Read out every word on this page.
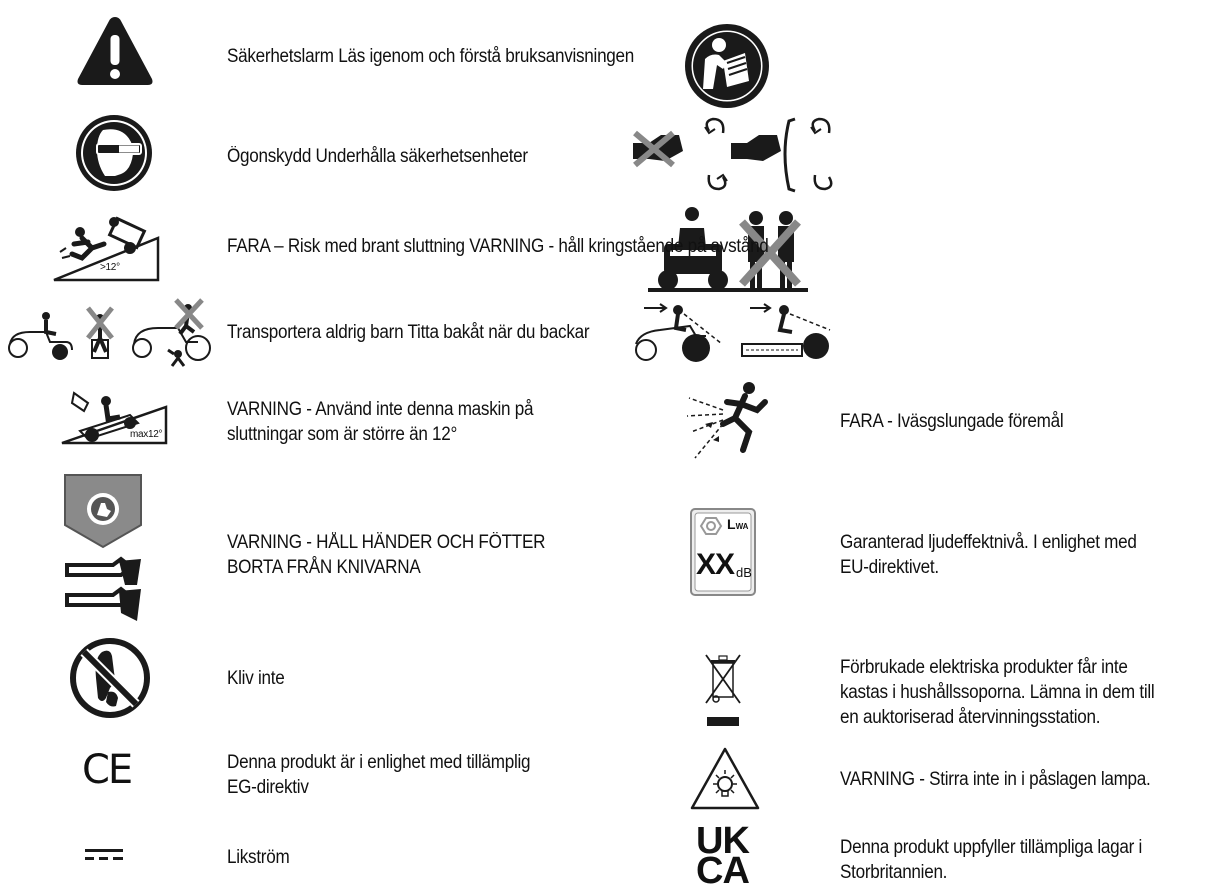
>12°
max12°
CE
LWA
XX dB
UK
CA
Säkerhetslarm Läs igenom och förstå bruksanvisningen
Ögonskydd Underhålla säkerhetsenheter
FARA – Risk med brant sluttning VARNING - håll kringstående på avstånd
Transportera aldrig barn Titta bakåt när du backar
VARNING - Använd inte denna maskin på
sluttningar som är större än 12°
VARNING - HÅLL HÄNDER OCH FÖTTER
BORTA FRÅN KNIVARNA
Kliv inte
Denna produkt är i enlighet med tillämplig
EG-direktiv
Likström
FARA - Iväsgslungade föremål
Garanterad ljudeffektnivå. I enlighet med
EU-direktivet.
Förbrukade elektriska produkter får inte
kastas i hushållssoporna. Lämna in dem till
en auktoriserad återvinningsstation.
VARNING - Stirra inte in i påslagen lampa.
Denna produkt uppfyller tillämpliga lagar i
Storbritannien.
